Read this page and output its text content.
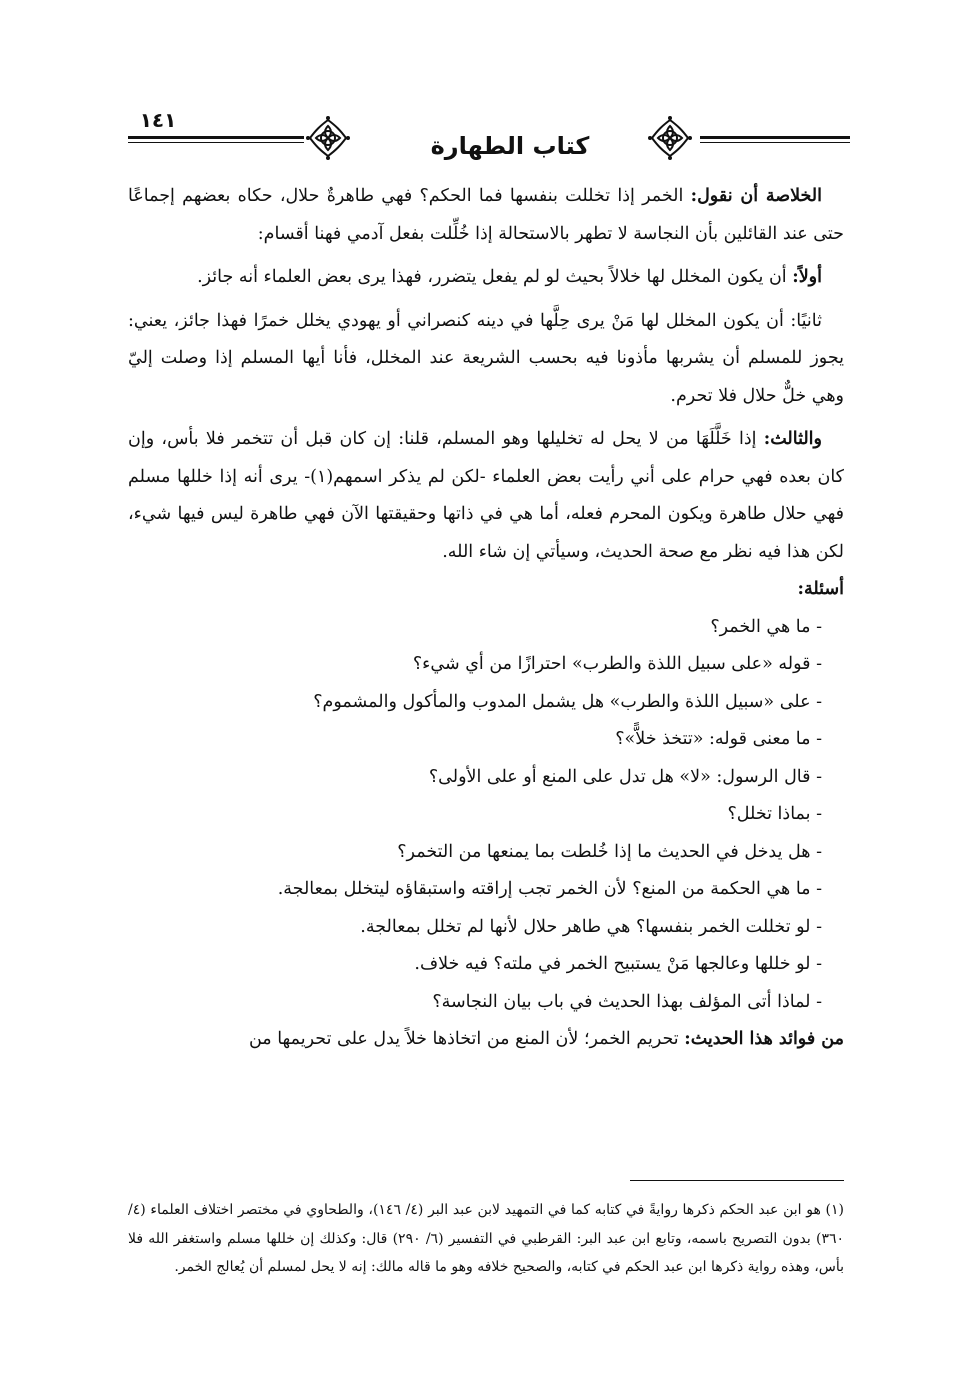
كتاب الطهارة
١٤١

الخلاصة أن نقول: الخمر إذا تخللت بنفسها فما الحكم؟ فهي طاهرةٌ حلال، حكاه بعضهم إجماعًا حتى عند القائلين بأن النجاسة لا تطهر بالاستحالة إذا خُلِّلت بفعل آدمي فهنا أقسام:

أولاً: أن يكون المخلل لها خلالاً بحيث لو لم يفعل يتضرر، فهذا يرى بعض العلماء أنه جائز.

ثانيًا: أن يكون المخلل لها مَنْ يرى حِلَّها في دينه كنصراني أو يهودي يخلل خمرًا فهذا جائز، يعني: يجوز للمسلم أن يشربها مأذونا فيه بحسب الشريعة عند المخلل، فأنا أيها المسلم إذا وصلت إليّ وهي خلٌّ حلال فلا تحرم.

والثالث: إذا خَلَّلَهَا من لا يحل له تخليلها وهو المسلم، قلنا: إن كان قبل أن تتخمر فلا بأس، وإن كان بعده فهي حرام على أني رأيت بعض العلماء -لكن لم يذكر اسمهم(١)- يرى أنه إذا خللها مسلم فهي حلال طاهرة ويكون المحرم فعله، أما هي في ذاتها وحقيقتها الآن فهي طاهرة ليس فيها شيء، لكن هذا فيه نظر مع صحة الحديث، وسيأتي إن شاء الله.

أسئلة:

- ما هي الخمر؟
- قوله «على سبيل اللذة والطرب» احترازًا من أي شيء؟
- على «سبيل اللذة والطرب» هل يشمل المدوب والمأكول والمشموم؟
- ما معنى قوله: «تتخذ خلاًّ»؟
- قال الرسول: «لا» هل تدل على المنع أو على الأولى؟
- بماذا تخلل؟
- هل يدخل في الحديث ما إذا خُلطت بما يمنعها من التخمر؟
- ما هي الحكمة من المنع؟ لأن الخمر تجب إراقته واستبقاؤه ليتخلل بمعالجة.
- لو تخللت الخمر بنفسها؟ هي طاهر حلال لأنها لم تخلل بمعالجة.
- لو خللها وعالجها مَنْ يستبيح الخمر في ملته؟ فيه خلاف.
- لماذا أتى المؤلف بهذا الحديث في باب بيان النجاسة؟

من فوائد هذا الحديث: تحريم الخمر؛ لأن المنع من اتخاذها خلاً يدل على تحريمها من

(١) هو ابن عبد الحكم ذكرها روايةً في كتابه كما في التمهيد لابن عبد البر (٤/ ١٤٦)، والطحاوي في مختصر اختلاف العلماء (٤/ ٣٦٠) بدون التصريح باسمه، وتابع ابن عبد البر: القرطبي في التفسير (٦/ ٢٩٠) قال: وكذلك إن خللها مسلم واستغفر الله فلا بأس، وهذه رواية ذكرها ابن عبد الحكم في كتابه، والصحيح خلافه وهو ما قاله مالك: إنه لا يحل لمسلم أن يُعالج الخمر.
